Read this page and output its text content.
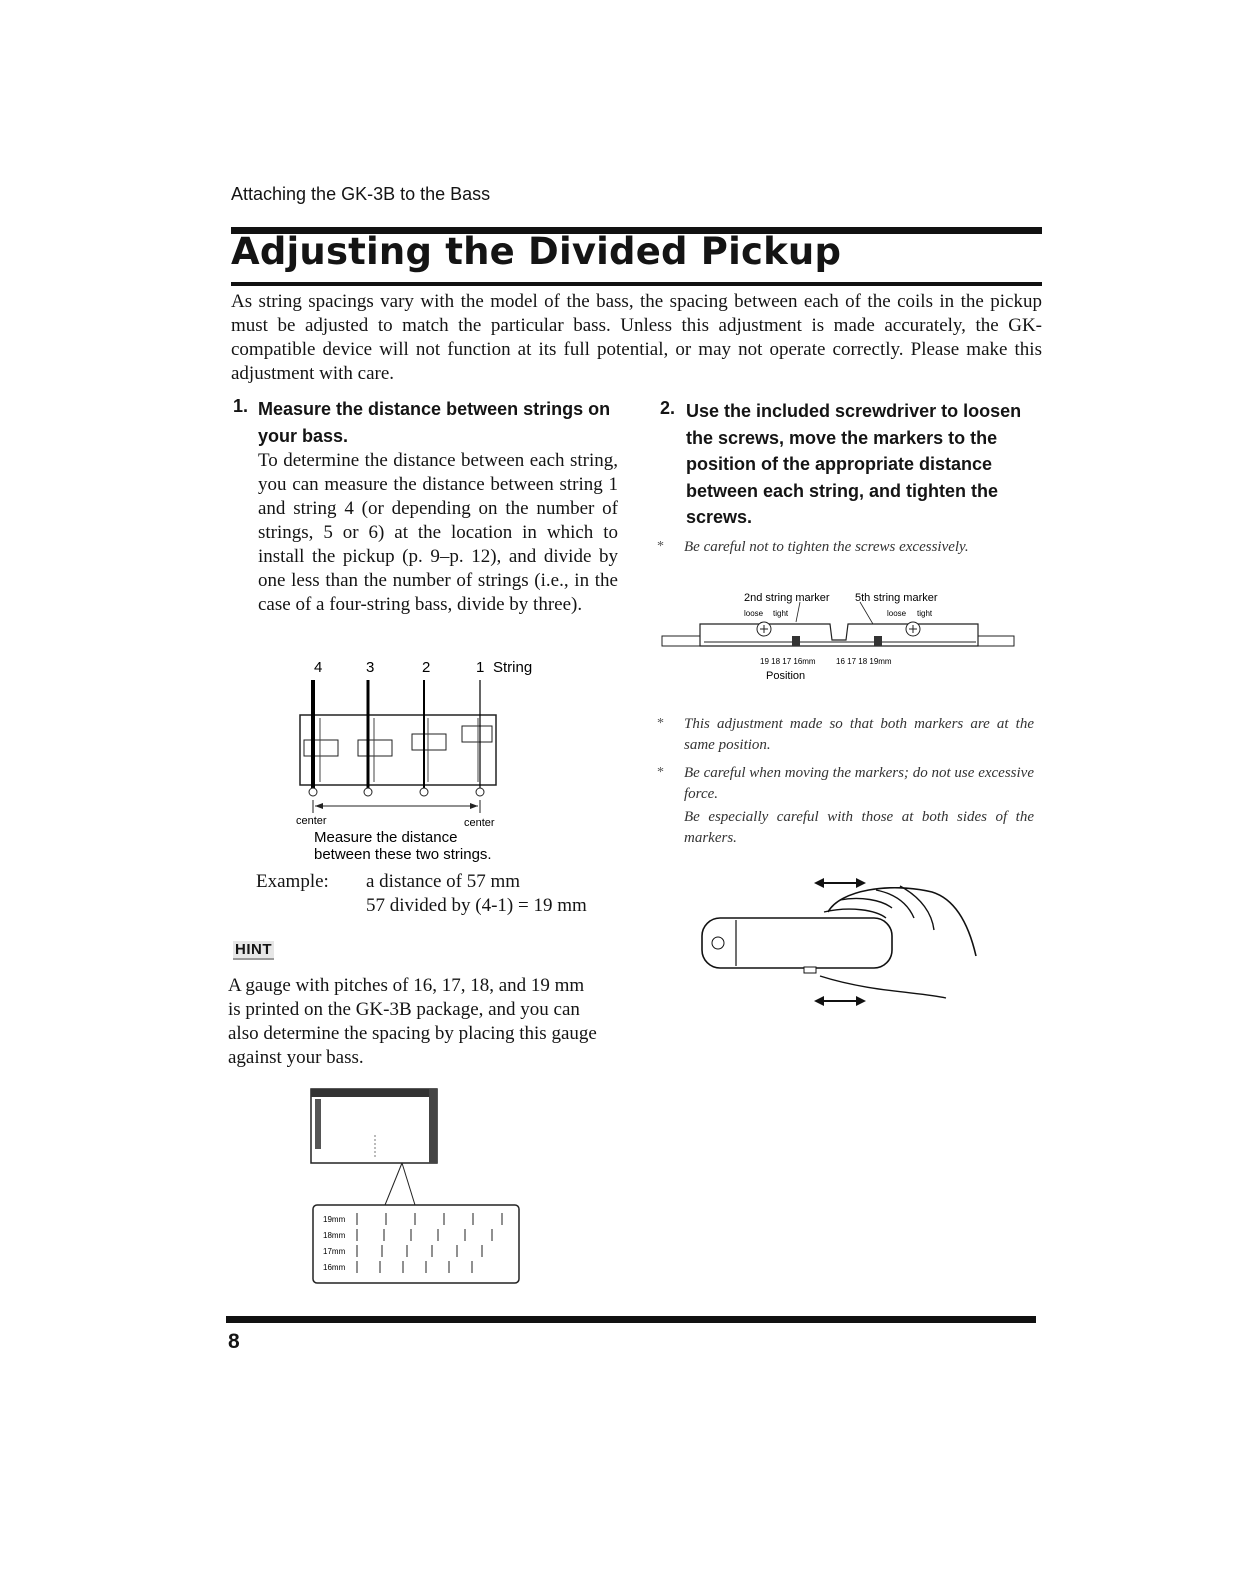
Attaching the GK-3B to the Bass
Adjusting the Divided Pickup
As string spacings vary with the model of the bass, the spacing between each of the coils in the pickup must be adjusted to match the particular bass. Unless this adjustment is made accurately, the GK-compatible device will not function at its full potential, or may not operate correctly. Please make this adjustment with care.
1. Measure the distance between strings on your bass.
To determine the distance between each string, you can measure the distance between string 1 and string 4 (or depending on the number of strings, 5 or 6) at the location in which to install the pickup (p. 9–p. 12), and divide by one less than the number of strings (i.e., in the case of a four-string bass, divide by three).
4	3	2	1 String
center	center
Measure the distance
between these two strings.
Example: a distance of 57 mm
57 divided by (4-1) = 19 mm
HINT
A gauge with pitches of 16, 17, 18, and 19 mm is printed on the GK-3B package, and you can also determine the spacing by placing this gauge against your bass.
19mm
18mm
17mm
16mm
2. Use the included screwdriver to loosen the screws, move the markers to the position of the appropriate distance between each string, and tighten the screws.
* Be careful not to tighten the screws excessively.
2nd string marker 5th string marker
loose tight	loose tight
19 18 17 16mm	16 17 18 19mm
Position
* This adjustment made so that both markers are at the same position.
* Be careful when moving the markers; do not use excessive force.
Be especially careful with those at both sides of the markers.
8
